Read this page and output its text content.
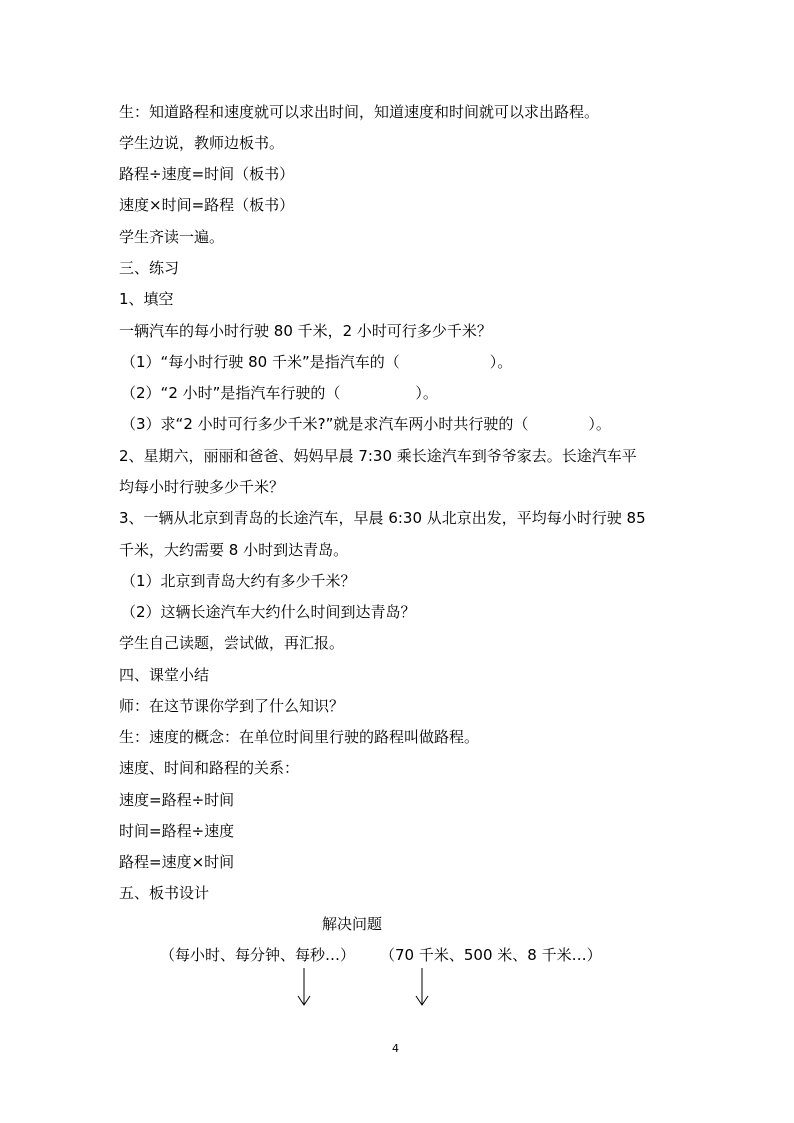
生：知道路程和速度就可以求出时间，知道速度和时间就可以求出路程。
学生边说，教师边板书。
路程÷速度=时间（板书）
速度×时间=路程（板书）
学生齐读一遍。
三、练习
1、填空
一辆汽车的每小时行驶 80 千米，2 小时可行多少千米？
（1）“每小时行驶 80 千米”是指汽车的（　　　　　　）。
（2）“2 小时”是指汽车行驶的（　　　　　）。
（3）求“2 小时可行多少千米?”就是求汽车两小时共行驶的（　　　　）。
2、星期六，丽丽和爸爸、妈妈早晨 7:30 乘长途汽车到爷爷家去。长途汽车平
均每小时行驶多少千米？
3、一辆从北京到青岛的长途汽车，早晨 6:30 从北京出发，平均每小时行驶 85
千米，大约需要 8 小时到达青岛。
（1）北京到青岛大约有多少千米？
（2）这辆长途汽车大约什么时间到达青岛？
学生自己读题，尝试做，再汇报。
四、课堂小结
师：在这节课你学到了什么知识？
生：速度的概念：在单位时间里行驶的路程叫做路程。
速度、时间和路程的关系：
速度=路程÷时间
时间=路程÷速度
路程=速度×时间
五、板书设计
解决问题
（每小时、每分钟、每秒…） （70 千米、500 米、8 千米…）
4
